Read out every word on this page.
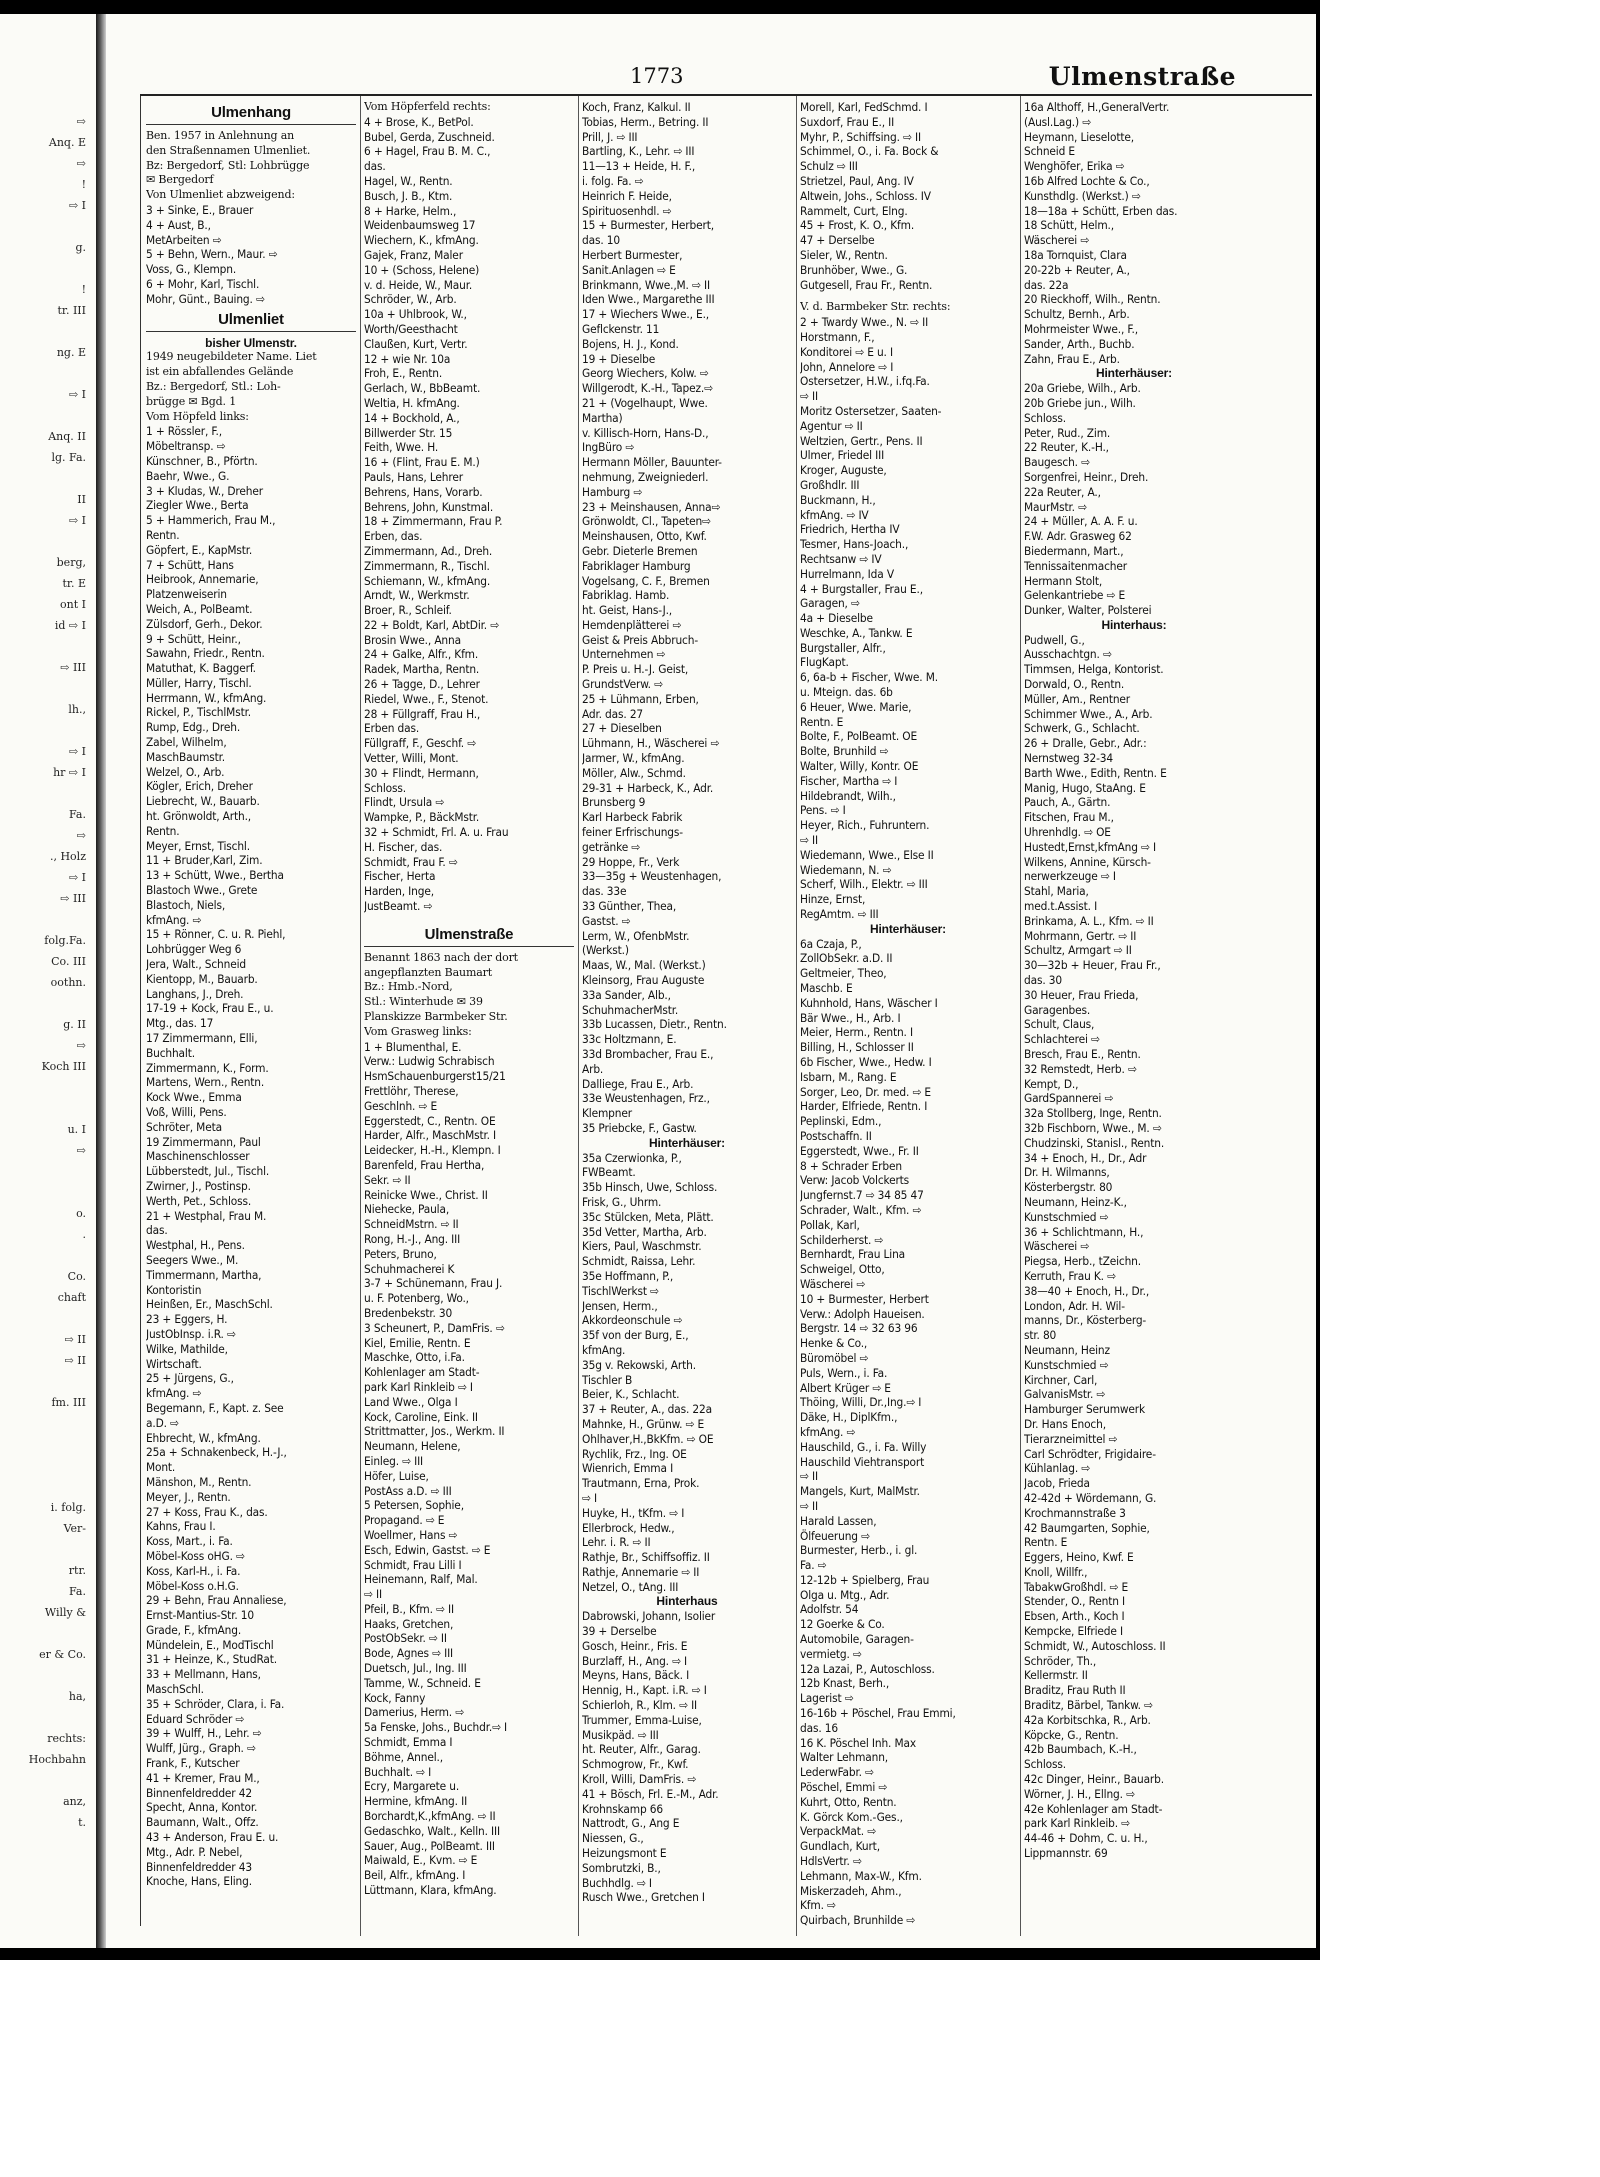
⇨
Anq. E
⇨
!
⇨ I
g.
!
tr. III
ng. E
⇨ I
Anq. II
lg. Fa.
II
⇨ I
berg,
tr. E
ont I
id ⇨ I
⇨ III
lh.,
⇨ I
hr ⇨ I
Fa.
⇨
., Holz
⇨ I
⇨ III
folg.Fa.
Co. III
oothn.
g. II
⇨
Koch III
u. I
⇨
o.
.
Co.
chaft
⇨ II
⇨ II
fm. III
i. folg.
Ver-
rtr.
Fa.
Willy &
er & Co.
ha,
rechts:
Hochbahn
anz,
t.
1773	Ulmenstraße
Ulmenhang
Ben. 1957 in Anlehnung an
den Straßennamen Ulmenliet.
Bz: Bergedorf, Stl: Lohbrügge
✉ Bergedorf
Von Ulmenliet abzweigend:
3 + Sinke, E., Brauer
4 + Aust, B.,
MetArbeiten ⇨
5 + Behn, Wern., Maur. ⇨
Voss, G., Klempn.
6 + Mohr, Karl, Tischl.
Mohr, Günt., Bauing. ⇨
Ulmenliet
bisher Ulmenstr.
1949 neugebildeter Name. Liet
ist ein abfallendes Gelände
Bz.: Bergedorf, Stl.: Loh-
brügge ✉ Bgd. 1
Vom Höpfeld links:
1 + Rössler, F.,
Möbeltransp. ⇨
Künschner, B., Pförtn.
Baehr, Wwe., G.
3 + Kludas, W., Dreher
Ziegler Wwe., Berta
5 + Hammerich, Frau M.,
Rentn.
Göpfert, E., KapMstr.
7 + Schütt, Hans
Heibrook, Annemarie,
Platzenweiserin
Weich, A., PolBeamt.
Zülsdorf, Gerh., Dekor.
9 + Schütt, Heinr.,
Sawahn, Friedr., Rentn.
Matuthat, K. Baggerf.
Müller, Harry, Tischl.
Herrmann, W., kfmAng.
Rickel, P., TischlMstr.
Rump, Edg., Dreh.
Zabel, Wilhelm,
MaschBaumstr.
Welzel, O., Arb.
Kögler, Erich, Dreher
Liebrecht, W., Bauarb.
ht. Grönwoldt, Arth.,
Rentn.
Meyer, Ernst, Tischl.
11 + Bruder,Karl, Zim.
13 + Schütt, Wwe., Bertha
Blastoch Wwe., Grete
Blastoch, Niels,
kfmAng. ⇨
15 + Rönner, C. u. R. Piehl,
Lohbrügger Weg 6
Jera, Walt., Schneid
Kientopp, M., Bauarb.
Langhans, J., Dreh.
17-19 + Kock, Frau E., u.
Mtg., das. 17
17 Zimmermann, Elli,
Buchhalt.
Zimmermann, K., Form.
Martens, Wern., Rentn.
Kock Wwe., Emma
Voß, Willi, Pens.
Schröter, Meta
19 Zimmermann, Paul
Maschinenschlosser
Lübberstedt, Jul., Tischl.
Zwirner, J., Postinsp.
Werth, Pet., Schloss.
21 + Westphal, Frau M.
das.
Westphal, H., Pens.
Seegers Wwe., M.
Timmermann, Martha,
Kontoristin
Heinßen, Er., MaschSchl.
23 + Eggers, H.
JustObInsp. i.R. ⇨
Wilke, Mathilde,
Wirtschaft.
25 + Jürgens, G.,
kfmAng. ⇨
Begemann, F., Kapt. z. See
a.D. ⇨
Ehbrecht, W., kfmAng.
25a + Schnakenbeck, H.-J.,
Mont.
Mänshon, M., Rentn.
Meyer, J., Rentn.
27 + Koss, Frau K., das.
Kahns, Frau I.
Koss, Mart., i. Fa.
Möbel-Koss oHG. ⇨
Koss, Karl-H., i. Fa.
Möbel-Koss o.H.G.
29 + Behn, Frau Annaliese,
Ernst-Mantius-Str. 10
Grade, F., kfmAng.
Mündelein, E., ModTischl
31 + Heinze, K., StudRat.
33 + Mellmann, Hans,
MaschSchl.
35 + Schröder, Clara, i. Fa.
Eduard Schröder ⇨
39 + Wulff, H., Lehr. ⇨
Wulff, Jürg., Graph. ⇨
Frank, F., Kutscher
41 + Kremer, Frau M.,
Binnenfeldredder 42
Specht, Anna, Kontor.
Baumann, Walt., Offz.
43 + Anderson, Frau E. u.
Mtg., Adr. P. Nebel,
Binnenfeldredder 43
Knoche, Hans, Eling.
Vom Höpferfeld rechts:
4 + Brose, K., BetPol.
Bubel, Gerda, Zuschneid.
6 + Hagel, Frau B. M. C.,
das.
Hagel, W., Rentn.
Busch, J. B., Ktm.
8 + Harke, Helm.,
Weidenbaumsweg 17
Wiechern, K., kfmAng.
Gajek, Franz, Maler
10 + (Schoss, Helene)
v. d. Heide, W., Maur.
Schröder, W., Arb.
10a + Uhlbrook, W.,
Worth/Geesthacht
Claußen, Kurt, Vertr.
12 + wie Nr. 10a
Froh, E., Rentn.
Gerlach, W., BbBeamt.
Weltia, H. kfmAng.
14 + Bockhold, A.,
Billwerder Str. 15
Feith, Wwe. H.
16 + (Flint, Frau E. M.)
Pauls, Hans, Lehrer
Behrens, Hans, Vorarb.
Behrens, John, Kunstmal.
18 + Zimmermann, Frau P.
Erben, das.
Zimmermann, Ad., Dreh.
Zimmermann, R., Tischl.
Schiemann, W., kfmAng.
Arndt, W., Werkmstr.
Broer, R., Schleif.
22 + Boldt, Karl, AbtDir. ⇨
Brosin Wwe., Anna
24 + Galke, Alfr., Kfm.
Radek, Martha, Rentn.
26 + Tagge, D., Lehrer
Riedel, Wwe., F., Stenot.
28 + Füllgraff, Frau H.,
Erben das.
Füllgraff, F., Geschf. ⇨
Vetter, Willi, Mont.
30 + Flindt, Hermann,
Schloss.
Flindt, Ursula ⇨
Wampke, P., BäckMstr.
32 + Schmidt, Frl. A. u. Frau
H. Fischer, das.
Schmidt, Frau F. ⇨
Fischer, Herta
Harden, Inge,
JustBeamt. ⇨
Ulmenstraße
Benannt 1863 nach der dort
angepflanzten Baumart
Bz.: Hmb.-Nord,
Stl.: Winterhude ✉ 39
Planskizze Barmbeker Str.
Vom Grasweg links:
1 + Blumenthal, E.
Verw.: Ludwig Schrabisch
HsmSchauenburgerst15/21
Frettlöhr, Therese,
Geschlnh. ⇨ E
Eggerstedt, C., Rentn. OE
Harder, Alfr., MaschMstr. I
Leidecker, H.-H., Klempn. I
Barenfeld, Frau Hertha,
Sekr. ⇨ II
Reinicke Wwe., Christ. II
Niehecke, Paula,
SchneidMstrn. ⇨ II
Rong, H.-J., Ang. III
Peters, Bruno,
Schuhmacherei K
3-7 + Schünemann, Frau J.
u. F. Potenberg, Wo.,
Bredenbekstr. 30
3 Scheunert, P., DamFris. ⇨
Kiel, Emilie, Rentn. E
Maschke, Otto, i.Fa.
Kohlenlager am Stadt-
park Karl Rinkleib ⇨ I
Land Wwe., Olga I
Kock, Caroline, Eink. II
Strittmatter, Jos., Werkm. II
Neumann, Helene,
Einleg. ⇨ III
Höfer, Luise,
PostAss a.D. ⇨ III
5 Petersen, Sophie,
Propagand. ⇨ E
Woellmer, Hans ⇨
Esch, Edwin, Gastst. ⇨ E
Schmidt, Frau Lilli I
Heinemann, Ralf, Mal.
⇨ II
Pfeil, B., Kfm. ⇨ II
Haaks, Gretchen,
PostObSekr. ⇨ II
Bode, Agnes ⇨ III
Duetsch, Jul., Ing. III
Tamme, W., Schneid. E
Kock, Fanny
Damerius, Herm. ⇨
5a Fenske, Johs., Buchdr.⇨ I
Schmidt, Emma I
Böhme, Annel.,
Buchhalt. ⇨ I
Ecry, Margarete u.
Hermine, kfmAng. II
Borchardt,K.,kfmAng. ⇨ II
Gedaschko, Walt., Kelln. III
Sauer, Aug., PolBeamt. III
Maiwald, E., Kvm. ⇨ E
Beil, Alfr., kfmAng. I
Lüttmann, Klara, kfmAng.
Koch, Franz, Kalkul. II
Tobias, Herm., Betring. II
Prill, J. ⇨ III
Bartling, K., Lehr. ⇨ III
11—13 + Heide, H. F.,
i. folg. Fa. ⇨
Heinrich F. Heide,
Spirituosenhdl. ⇨
15 + Burmester, Herbert,
das. 10
Herbert Burmester,
Sanit.Anlagen ⇨ E
Brinkmann, Wwe.,M. ⇨ II
Iden Wwe., Margarethe III
17 + Wiechers Wwe., E.,
Geflckenstr. 11
Bojens, H. J., Kond.
19 + Dieselbe
Georg Wiechers, Kolw. ⇨
Willgerodt, K.-H., Tapez.⇨
21 + (Vogelhaupt, Wwe.
Martha)
v. Killisch-Horn, Hans-D.,
IngBüro ⇨
Hermann Möller, Bauunter-
nehmung, Zweigniederl.
Hamburg ⇨
23 + Meinshausen, Anna⇨
Grönwoldt, Cl., Tapeten⇨
Meinshausen, Otto, Kwf.
Gebr. Dieterle Bremen
Fabriklager Hamburg
Vogelsang, C. F., Bremen
Fabriklag. Hamb.
ht. Geist, Hans-J.,
Hemdenplätterei ⇨
Geist & Preis Abbruch-
Unternehmen ⇨
P. Preis u. H.-J. Geist,
GrundstVerw. ⇨
25 + Lühmann, Erben,
Adr. das. 27
27 + Dieselben
Lühmann, H., Wäscherei ⇨
Jarmer, W., kfmAng.
Möller, Alw., Schmd.
29-31 + Harbeck, K., Adr.
Brunsberg 9
Karl Harbeck Fabrik
feiner Erfrischungs-
getränke ⇨
29 Hoppe, Fr., Verk
33—35g + Weustenhagen,
das. 33e
33 Günther, Thea,
Gastst. ⇨
Lerm, W., OfenbMstr.
(Werkst.)
Maas, W., Mal. (Werkst.)
Kleinsorg, Frau Auguste
33a Sander, Alb.,
SchuhmacherMstr.
33b Lucassen, Dietr., Rentn.
33c Holtzmann, E.
33d Brombacher, Frau E.,
Arb.
Dalliege, Frau E., Arb.
33e Weustenhagen, Frz.,
Klempner
35 Priebcke, F., Gastw.
Hinterhäuser:
35a Czerwionka, P.,
FWBeamt.
35b Hinsch, Uwe, Schloss.
Frisk, G., Uhrm.
35c Stülcken, Meta, Plätt.
35d Vetter, Martha, Arb.
Kiers, Paul, Waschmstr.
Schmidt, Raissa, Lehr.
35e Hoffmann, P.,
TischlWerkst ⇨
Jensen, Herm.,
Akkordeonschule ⇨
35f von der Burg, E.,
kfmAng.
35g v. Rekowski, Arth.
Tischler B
Beier, K., Schlacht.
37 + Reuter, A., das. 22a
Mahnke, H., Grünw. ⇨ E
Ohlhaver,H.,BkKfm. ⇨ OE
Rychlik, Frz., Ing. OE
Wienrich, Emma I
Trautmann, Erna, Prok.
⇨ I
Huyke, H., tKfm. ⇨ I
Ellerbrock, Hedw.,
Lehr. i. R. ⇨ II
Rathje, Br., Schiffsoffiz. II
Rathje, Annemarie ⇨ II
Netzel, O., tAng. III
Hinterhaus
Dabrowski, Johann, Isolier
39 + Derselbe
Gosch, Heinr., Fris. E
Burzlaff, H., Ang. ⇨ I
Meyns, Hans, Bäck. I
Hennig, H., Kapt. i.R. ⇨ I
Schierloh, R., Klm. ⇨ II
Trummer, Emma-Luise,
Musikpäd. ⇨ III
ht. Reuter, Alfr., Garag.
Schmogrow, Fr., Kwf.
Kroll, Willi, DamFris. ⇨
41 + Bösch, Frl. E.-M., Adr.
Krohnskamp 66
Nattrodt, G., Ang E
Niessen, G.,
Heizungsmont E
Sombrutzki, B.,
Buchhdlg. ⇨ I
Rusch Wwe., Gretchen I
Morell, Karl, FedSchmd. I
Suxdorf, Frau E., II
Myhr, P., Schiffsing. ⇨ II
Schimmel, O., i. Fa. Bock &
Schulz ⇨ III
Strietzel, Paul, Ang. IV
Altwein, Johs., Schloss. IV
Rammelt, Curt, Elng.
45 + Frost, K. O., Kfm.
47 + Derselbe
Sieler, W., Rentn.
Brunhöber, Wwe., G.
Gutgesell, Frau Fr., Rentn.
V. d. Barmbeker Str. rechts:
2 + Twardy Wwe., N. ⇨ II
Horstmann, F.,
Konditorei ⇨ E u. I
John, Annelore ⇨ I
Ostersetzer, H.W., i.fq.Fa.
⇨ II
Moritz Ostersetzer, Saaten-
Agentur ⇨ II
Weltzien, Gertr., Pens. II
Ulmer, Friedel III
Kroger, Auguste,
Großhdlr. III
Buckmann, H.,
kfmAng. ⇨ IV
Friedrich, Hertha IV
Tesmer, Hans-Joach.,
Rechtsanw ⇨ IV
Hurrelmann, Ida V
4 + Burgstaller, Frau E.,
Garagen, ⇨
4a + Dieselbe
Weschke, A., Tankw. E
Burgstaller, Alfr.,
FlugKapt.
6, 6a-b + Fischer, Wwe. M.
u. Mteign. das. 6b
6 Heuer, Wwe. Marie,
Rentn. E
Bolte, F., PolBeamt. OE
Bolte, Brunhild ⇨
Walter, Willy, Kontr. OE
Fischer, Martha ⇨ I
Hildebrandt, Wilh.,
Pens. ⇨ I
Heyer, Rich., Fuhruntern.
⇨ II
Wiedemann, Wwe., Else II
Wiedemann, N. ⇨
Scherf, Wilh., Elektr. ⇨ III
Hinze, Ernst,
RegAmtm. ⇨ III
Hinterhäuser:
6a Czaja, P.,
ZollObSekr. a.D. II
Geltmeier, Theo,
Maschb. E
Kuhnhold, Hans, Wäscher I
Bär Wwe., H., Arb. I
Meier, Herm., Rentn. I
Billing, H., Schlosser II
6b Fischer, Wwe., Hedw. I
Isbarn, M., Rang. E
Sorger, Leo, Dr. med. ⇨ E
Harder, Elfriede, Rentn. I
Peplinski, Edm.,
Postschaffn. II
Eggerstedt, Wwe., Fr. II
8 + Schrader Erben
Verw: Jacob Volckerts
Jungfernst.7 ⇨ 34 85 47
Schrader, Walt., Kfm. ⇨
Pollak, Karl,
Schilderherst. ⇨
Bernhardt, Frau Lina
Schweigel, Otto,
Wäscherei ⇨
10 + Burmester, Herbert
Verw.: Adolph Haueisen.
Bergstr. 14 ⇨ 32 63 96
Henke & Co.,
Büromöbel ⇨
Puls, Wern., i. Fa.
Albert Krüger ⇨ E
Thöing, Willi, Dr.,Ing.⇨ I
Däke, H., DiplKfm.,
kfmAng. ⇨
Hauschild, G., i. Fa. Willy
Hauschild Viehtransport
⇨ II
Mangels, Kurt, MalMstr.
⇨ II
Harald Lassen,
Ölfeuerung ⇨
Burmester, Herb., i. gl.
Fa. ⇨
12-12b + Spielberg, Frau
Olga u. Mtg., Adr.
Adolfstr. 54
12 Goerke & Co.
Automobile, Garagen-
vermietg. ⇨
12a Lazai, P., Autoschloss.
12b Knast, Berh.,
Lagerist ⇨
16-16b + Pöschel, Frau Emmi,
das. 16
16 K. Pöschel Inh. Max
Walter Lehmann,
LederwFabr. ⇨
Pöschel, Emmi ⇨
Kuhrt, Otto, Rentn.
K. Görck Kom.-Ges.,
VerpackMat. ⇨
Gundlach, Kurt,
HdlsVertr. ⇨
Lehmann, Max-W., Kfm.
Miskerzadeh, Ahm.,
Kfm. ⇨
Quirbach, Brunhilde ⇨
16a Althoff, H.,GeneralVertr.
(Ausl.Lag.) ⇨
Heymann, Lieselotte,
Schneid E
Wenghöfer, Erika ⇨
16b Alfred Lochte & Co.,
Kunsthdlg. (Werkst.) ⇨
18—18a + Schütt, Erben das.
18 Schütt, Helm.,
Wäscherei ⇨
18a Tornquist, Clara
20-22b + Reuter, A.,
das. 22a
20 Rieckhoff, Wilh., Rentn.
Schultz, Bernh., Arb.
Mohrmeister Wwe., F.,
Sander, Arth., Buchb.
Zahn, Frau E., Arb.
Hinterhäuser:
20a Griebe, Wilh., Arb.
20b Griebe jun., Wilh.
Schloss.
Peter, Rud., Zim.
22 Reuter, K.-H.,
Baugesch. ⇨
Sorgenfrei, Heinr., Dreh.
22a Reuter, A.,
MaurMstr. ⇨
24 + Müller, A. A. F. u.
F.W. Adr. Grasweg 62
Biedermann, Mart.,
Tennissaitenmacher
Hermann Stolt,
Gelenkantriebe ⇨ E
Dunker, Walter, Polsterei
Hinterhaus:
Pudwell, G.,
Ausschachtgn. ⇨
Timmsen, Helga, Kontorist.
Dorwald, O., Rentn.
Müller, Am., Rentner
Schimmer Wwe., A., Arb.
Schwerk, G., Schlacht.
26 + Dralle, Gebr., Adr.:
Nernstweg 32-34
Barth Wwe., Edith, Rentn. E
Manig, Hugo, StaAng. E
Pauch, A., Gärtn.
Fitschen, Frau M.,
Uhrenhdlg. ⇨ OE
Hustedt,Ernst,kfmAng ⇨ I
Wilkens, Annine, Kürsch-
nerwerkzeuge ⇨ I
Stahl, Maria,
med.t.Assist. I
Brinkama, A. L., Kfm. ⇨ II
Mohrmann, Gertr. ⇨ II
Schultz, Armgart ⇨ II
30—32b + Heuer, Frau Fr.,
das. 30
30 Heuer, Frau Frieda,
Garagenbes.
Schult, Claus,
Schlachterei ⇨
Bresch, Frau E., Rentn.
32 Remstedt, Herb. ⇨
Kempt, D.,
GardSpannerei ⇨
32a Stollberg, Inge, Rentn.
32b Fischborn, Wwe., M. ⇨
Chudzinski, Stanisl., Rentn.
34 + Enoch, H., Dr., Adr
Dr. H. Wilmanns,
Kösterbergstr. 80
Neumann, Heinz-K.,
Kunstschmied ⇨
36 + Schlichtmann, H.,
Wäscherei ⇨
Piegsa, Herb., tZeichn.
Kerruth, Frau K. ⇨
38—40 + Enoch, H., Dr.,
London, Adr. H. Wil-
manns, Dr., Kösterberg-
str. 80
Neumann, Heinz
Kunstschmied ⇨
Kirchner, Carl,
GalvanisMstr. ⇨
Hamburger Serumwerk
Dr. Hans Enoch,
Tierarzneimittel ⇨
Carl Schrödter, Frigidaire-
Kühlanlag. ⇨
Jacob, Frieda
42-42d + Wördemann, G.
Krochmannstraße 3
42 Baumgarten, Sophie,
Rentn. E
Eggers, Heino, Kwf. E
Knoll, Willfr.,
TabakwGroßhdl. ⇨ E
Stender, O., Rentn I
Ebsen, Arth., Koch I
Kempcke, Elfriede I
Schmidt, W., Autoschloss. II
Schröder, Th.,
Kellermstr. II
Braditz, Frau Ruth II
Braditz, Bärbel, Tankw. ⇨
42a Korbitschka, R., Arb.
Köpcke, G., Rentn.
42b Baumbach, K.-H.,
Schloss.
42c Dinger, Heinr., Bauarb.
Wörner, J. H., Ellng. ⇨
42e Kohlenlager am Stadt-
park Karl Rinkleib. ⇨
44-46 + Dohm, C. u. H.,
Lippmannstr. 69
